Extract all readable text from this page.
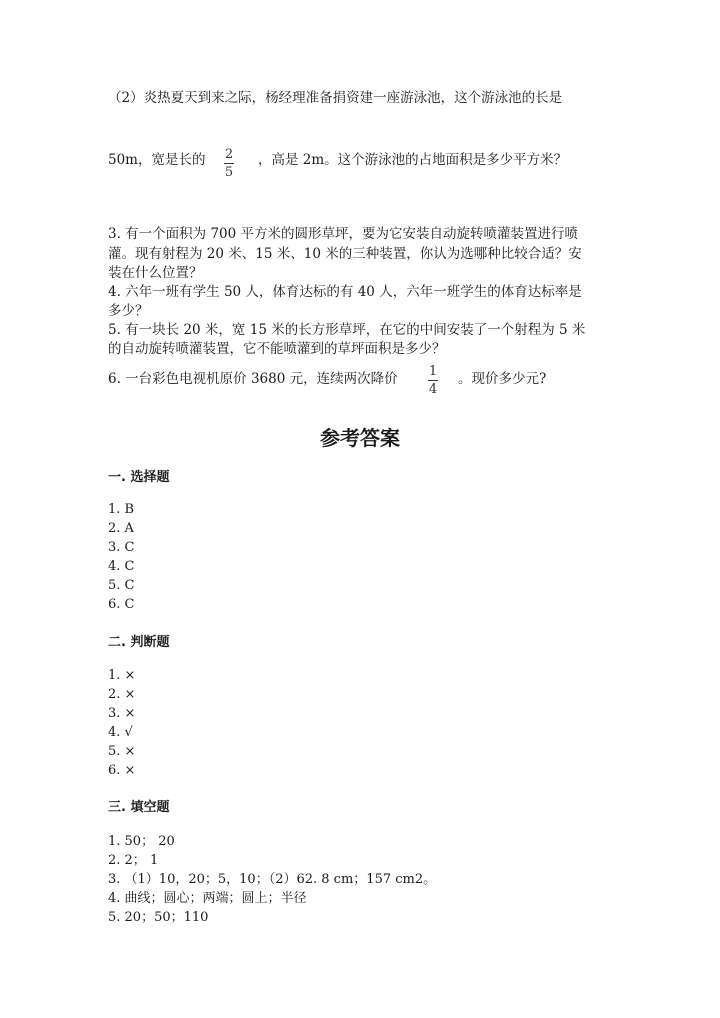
（2）炎热夏天到来之际，杨经理准备捐资建一座游泳池，这个游泳池的长是
50m，宽是长的 2
5
，高是 2m。这个游泳池的占地面积是多少平方米？
3. 有一个面积为 700 平方米的圆形草坪，要为它安装自动旋转喷灌装置进行喷
灌。现有射程为 20 米、15 米、10 米的三种装置，你认为选哪种比较合适？安
装在什么位置？
4. 六年一班有学生 50 人，体育达标的有 40 人，六年一班学生的体育达标率是
多少？
5. 有一块长 20 米，宽 15 米的长方形草坪，在它的中间安装了一个射程为 5 米
的自动旋转喷灌装置，它不能喷灌到的草坪面积是多少？
6. 一台彩色电视机原价 3680 元，连续两次降价 1
4
。现价多少元?
参考答案
一. 选择题
1. B
2. A
3. C
4. C
5. C
6. C
二. 判断题
1. ×
2. ×
3. ×
4. √
5. ×
6. ×
三. 填空题
1. 50； 20
2. 2； 1
3. （1）10，20；5，10；（2）62. 8 cm；157 cm2。
4. 曲线；圆心；两端；圆上；半径
5. 20；50；110
